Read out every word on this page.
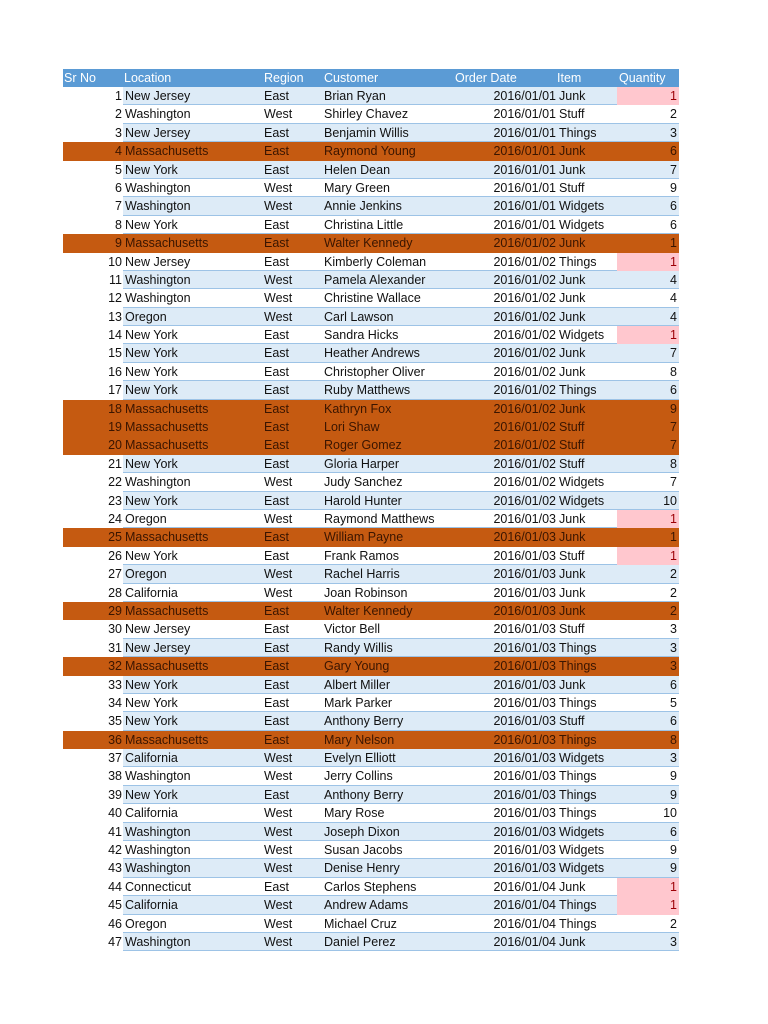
Sr No	Location	Region	Customer	Order Date	Item	Quantity
1 New Jersey	East	Brian Ryan	2016/01/01 Junk	1
2 Washington	West	Shirley Chavez	2016/01/01 Stuff	2
3 New Jersey	East	Benjamin Willis	2016/01/01 Things	3
4 Massachusetts	East	Raymond Young	2016/01/01 Junk	6
5 New York	East	Helen Dean	2016/01/01 Junk	7
6 Washington	West	Mary Green	2016/01/01 Stuff	9
7 Washington	West	Annie Jenkins	2016/01/01 Widgets	6
8 New York	East	Christina Little	2016/01/01 Widgets	6
9 Massachusetts	East	Walter Kennedy	2016/01/02 Junk	1
10 New Jersey	East	Kimberly Coleman	2016/01/02 Things	1
11 Washington	West	Pamela Alexander	2016/01/02 Junk	4
12 Washington	West	Christine Wallace	2016/01/02 Junk	4
13 Oregon	West	Carl Lawson	2016/01/02 Junk	4
14 New York	East	Sandra Hicks	2016/01/02 Widgets	1
15 New York	East	Heather Andrews	2016/01/02 Junk	7
16 New York	East	Christopher Oliver	2016/01/02 Junk	8
17 New York	East	Ruby Matthews	2016/01/02 Things	6
18 Massachusetts	East	Kathryn Fox	2016/01/02 Junk	9
19 Massachusetts	East	Lori Shaw	2016/01/02 Stuff	7
20 Massachusetts	East	Roger Gomez	2016/01/02 Stuff	7
21 New York	East	Gloria Harper	2016/01/02 Stuff	8
22 Washington	West	Judy Sanchez	2016/01/02 Widgets	7
23 New York	East	Harold Hunter	2016/01/02 Widgets	10
24 Oregon	West	Raymond Matthews	2016/01/03 Junk	1
25 Massachusetts	East	William Payne	2016/01/03 Junk	1
26 New York	East	Frank Ramos	2016/01/03 Stuff	1
27 Oregon	West	Rachel Harris	2016/01/03 Junk	2
28 California	West	Joan Robinson	2016/01/03 Junk	2
29 Massachusetts	East	Walter Kennedy	2016/01/03 Junk	2
30 New Jersey	East	Victor Bell	2016/01/03 Stuff	3
31 New Jersey	East	Randy Willis	2016/01/03 Things	3
32 Massachusetts	East	Gary Young	2016/01/03 Things	3
33 New York	East	Albert Miller	2016/01/03 Junk	6
34 New York	East	Mark Parker	2016/01/03 Things	5
35 New York	East	Anthony Berry	2016/01/03 Stuff	6
36 Massachusetts	East	Mary Nelson	2016/01/03 Things	8
37 California	West	Evelyn Elliott	2016/01/03 Widgets	3
38 Washington	West	Jerry Collins	2016/01/03 Things	9
39 New York	East	Anthony Berry	2016/01/03 Things	9
40 California	West	Mary Rose	2016/01/03 Things	10
41 Washington	West	Joseph Dixon	2016/01/03 Widgets	6
42 Washington	West	Susan Jacobs	2016/01/03 Widgets	9
43 Washington	West	Denise Henry	2016/01/03 Widgets	9
44 Connecticut	East	Carlos Stephens	2016/01/04 Junk	1
45 California	West	Andrew Adams	2016/01/04 Things	1
46 Oregon	West	Michael Cruz	2016/01/04 Things	2
47 Washington	West	Daniel Perez	2016/01/04 Junk	3
